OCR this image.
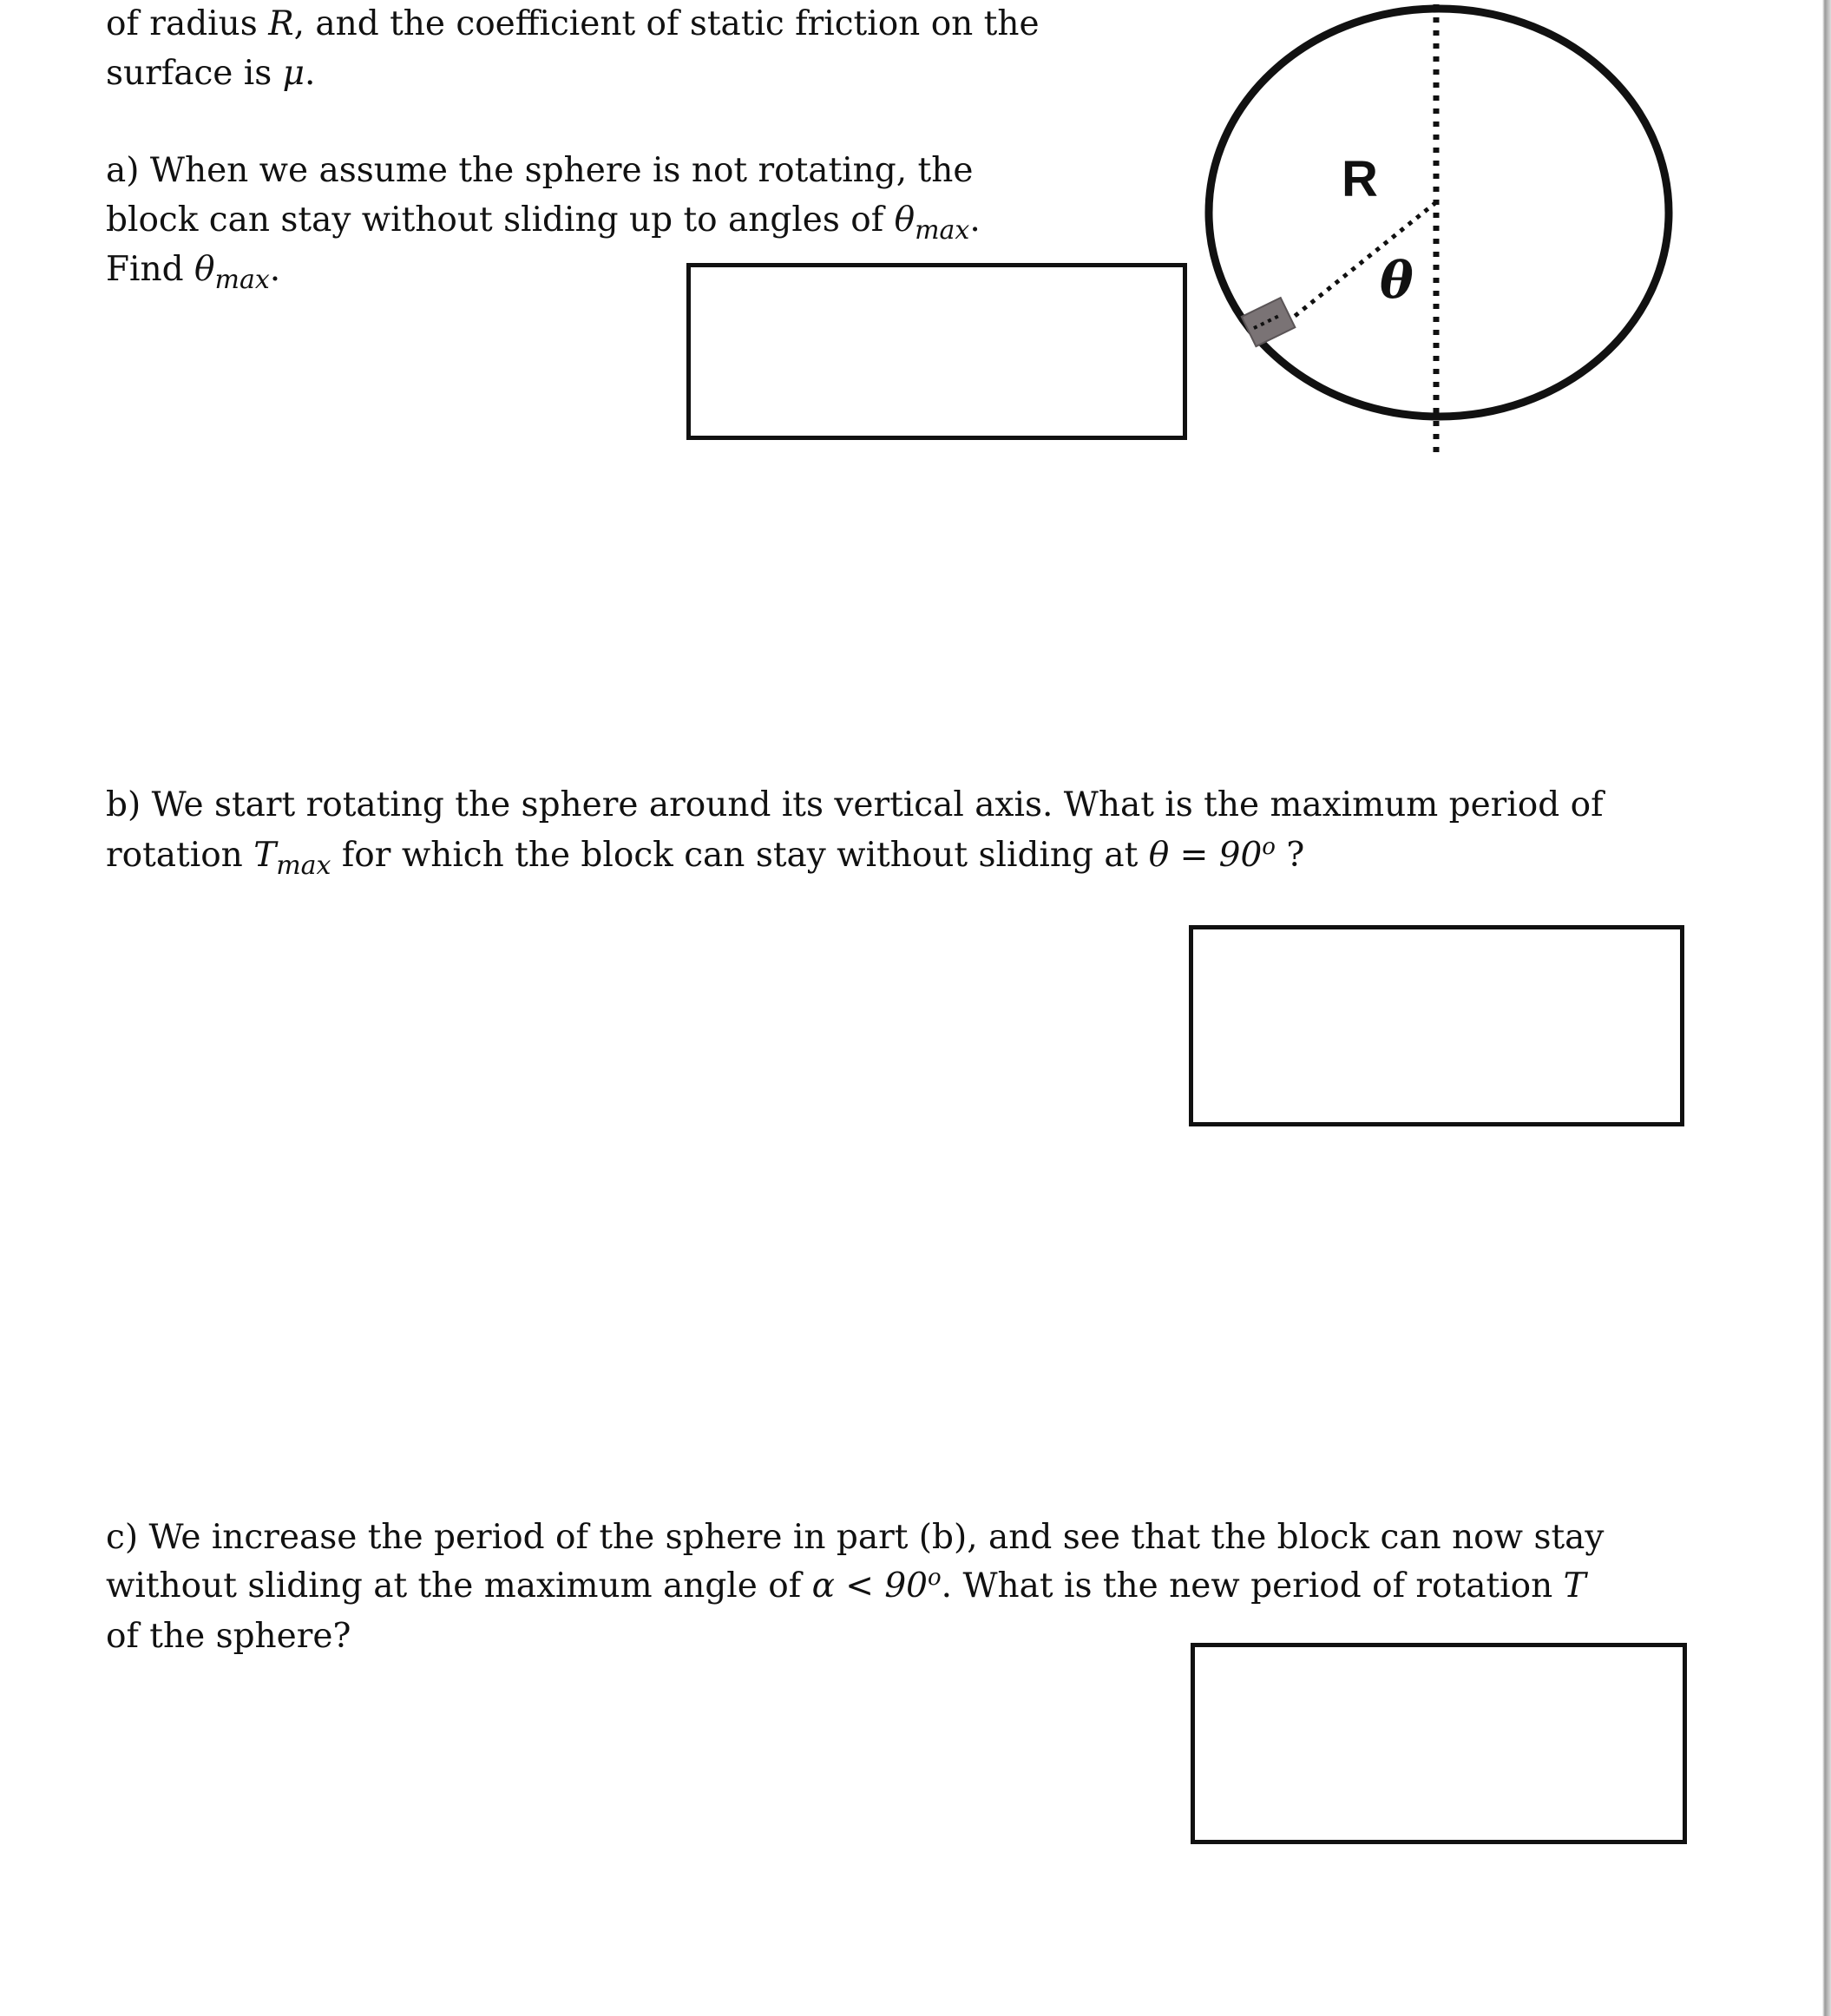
of radius R, and the coefficient of static friction on the
surface is μ.
a) When we assume the sphere is not rotating, the
block can stay without sliding up to angles of $\theta_{max}$.
Find $\theta_{max}$.
R
θ
b) We start rotating the sphere around its vertical axis. What is the maximum period of
rotation $T_{max}$ for which the block can stay without sliding at $\theta = 90^o$ ?
c) We increase the period of the sphere in part (b), and see that the block can now stay
without sliding at the maximum angle of $\alpha < 90^o$. What is the new period of rotation T
of the sphere?
